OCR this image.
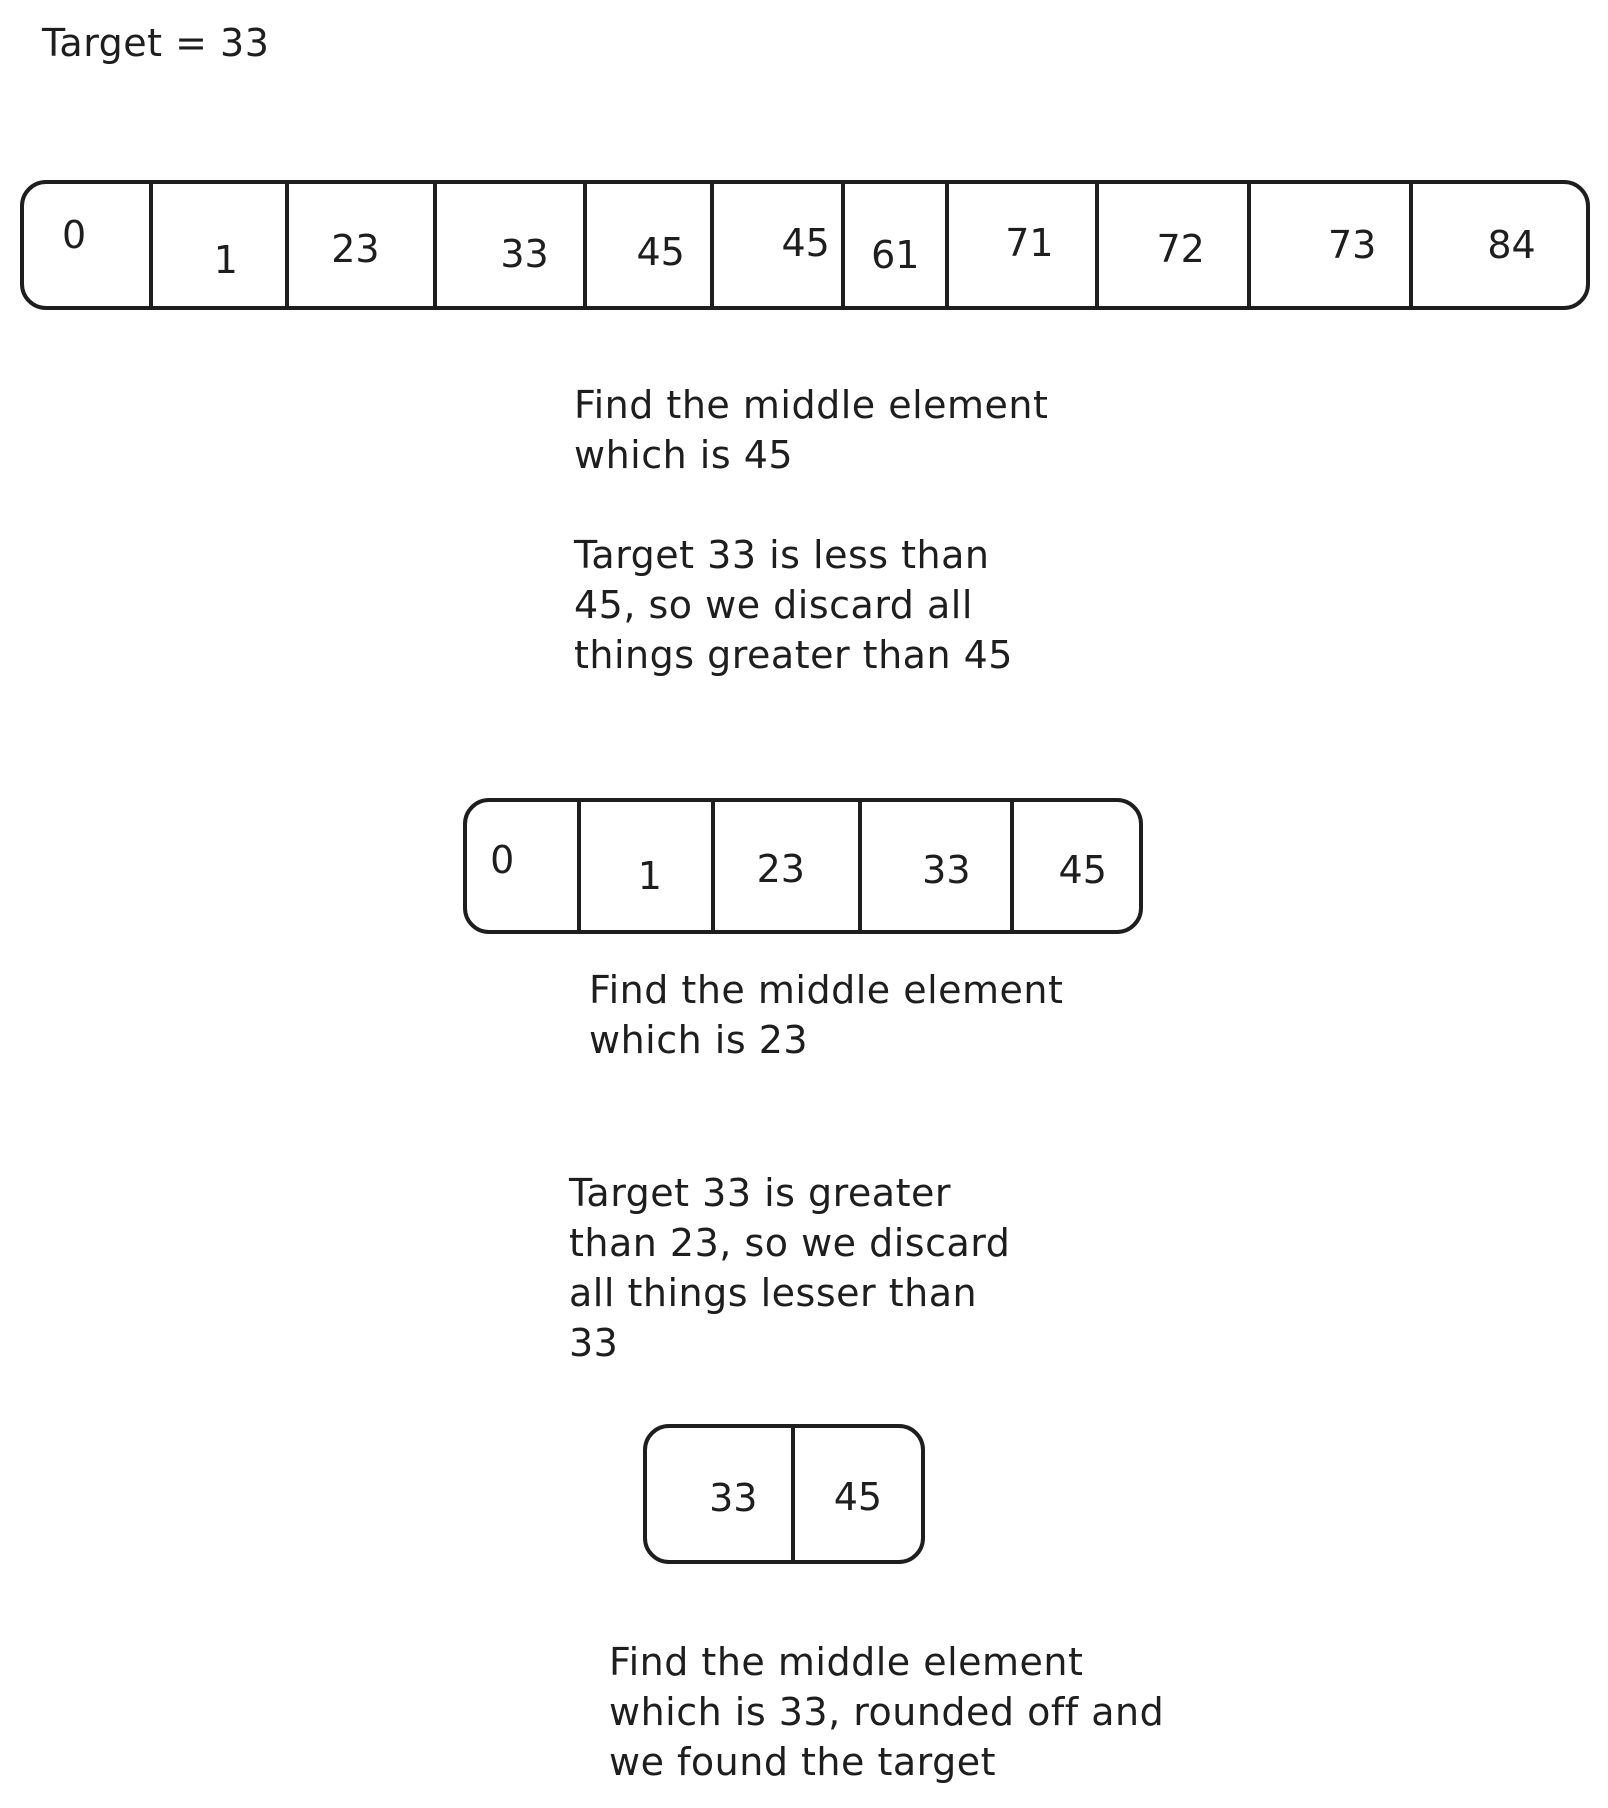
Target = 33
0
1 23	33 45	45 61 71	72	73	84
Find the middle element
which is 45
Target 33 is less than
45, so we discard all
things greater than 45
0	1 23	33 45
Find the middle element
which is 23
Target 33 is greater
than 23, so we discard
all things lesser than
33
33 45
Find the middle element
which is 33, rounded off and
we found the target
